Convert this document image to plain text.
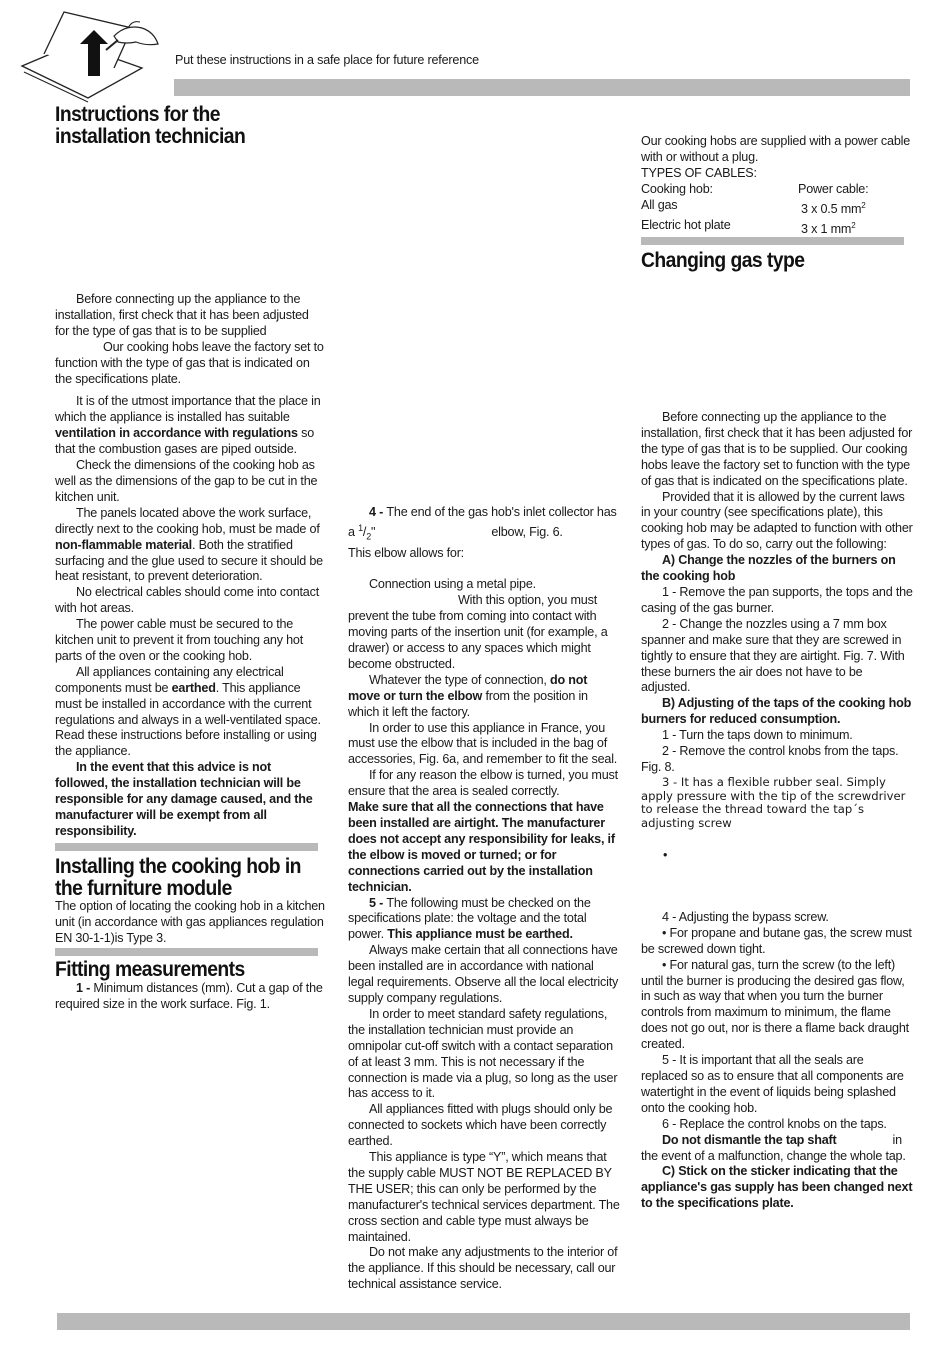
Put these instructions in a safe place for future reference
Instructions for the installation technician

Before connecting up the appliance to the installation, first check that it has been adjusted for the type of gas that is to be supplied

Our cooking hobs leave the factory set to function with the type of gas that is indicated on the specifications plate.

It is of the utmost importance that the place in which the appliance is installed has suitable ventilation in accordance with regulations so that the combustion gases are piped outside.

Check the dimensions of the cooking hob as well as the dimensions of the gap to be cut in the kitchen unit.

The panels located above the work surface, directly next to the cooking hob, must be made of non-flammable material. Both the stratified surfacing and the glue used to secure it should be heat resistant, to prevent deterioration.

No electrical cables should come into contact with hot areas.

The power cable must be secured to the kitchen unit to prevent it from touching any hot parts of the oven or the cooking hob.

All appliances containing any electrical components must be earthed. This appliance must be installed in accordance with the current regulations and always in a well-ventilated space. Read these instructions before installing or using the appliance.

In the event that this advice is not followed, the installation technician will be responsible for any damage caused, and the manufacturer will be exempt from all responsibility.

Installing the cooking hob in the furniture module
The option of locating the cooking hob in a kitchen unit (in accordance with gas appliances regulation EN 30-1-1)is Type 3.
Fitting measurements

1 - Minimum distances (mm). Cut a gap of the required size in the work surface. Fig. 1.

4 - The end of the gas hob's inlet collector has a $^1/_2$"	elbow, Fig. 6.

This elbow allows for:

Connection using a metal pipe.

With this option, you must prevent the tube from coming into contact with moving parts of the insertion unit (for example, a drawer) or access to any spaces which might become obstructed.

Whatever the type of connection, do not move or turn the elbow from the position in which it left the factory.

In order to use this appliance in France, you must use the elbow that is included in the bag of accessories, Fig. 6a, and remember to fit the seal.

If for any reason the elbow is turned, you must ensure that the area is sealed correctly.

Make sure that all the connections that have been installed are airtight. The manufacturer does not accept any responsibility for leaks, if the elbow is moved or turned; or for connections carried out by the installation technician.

5 - The following must be checked on the specifications plate: the voltage and the total power. This appliance must be earthed.

Always make certain that all connections have been installed are in accordance with national legal requirements. Observe all the local electricity supply company regulations.

In order to meet standard safety regulations, the installation technician must provide an omnipolar cut-off switch with a contact separation of at least 3 mm. This is not necessary if the connection is made via a plug, so long as the user has access to it.

All appliances fitted with plugs should only be connected to sockets which have been correctly earthed.

This appliance is type “Y”, which means that the supply cable MUST NOT BE REPLACED BY THE USER; this can only be performed by the manufacturer's technical services department. The cross section and cable type must always be maintained.

Do not make any adjustments to the interior of the appliance. If this should be necessary, call our technical assistance service.

Our cooking hobs are supplied with a power cable with or without a plug.

TYPES OF CABLES:

Cooking hob:	Power cable:
All gas	3 x 0.5 $mm^2$
Electric hot plate	3 x 1 $mm^2$
Changing gas type

Before connecting up the appliance to the installation, first check that it has been adjusted for the type of gas that is to be supplied. Our cooking hobs leave the factory set to function with the type of gas that is indicated on the specifications plate.

Provided that it is allowed by the current laws in your country (see specifications plate), this cooking hob may be adapted to function with other types of gas. To do so, carry out the following:

A) Change the nozzles of the burners on the cooking hob

1 - Remove the pan supports, the tops and the casing of the gas burner.

2 - Change the nozzles using a 7 mm box spanner and make sure that they are screwed in tightly to ensure that they are airtight. Fig. 7. With these burners the air does not have to be adjusted.

B) Adjusting of the taps of the cooking hob burners for reduced consumption.

1 - Turn the taps down to minimum.

2 - Remove the control knobs from the taps. Fig. 8.

3 - It has a flexible rubber seal. Simply apply pressure with the tip of the screwdriver to release the thread toward the tap´s adjusting screw

•

4 - Adjusting the bypass screw.

• For propane and butane gas, the screw must be screwed down tight.

• For natural gas, turn the screw (to the left) until the burner is producing the desired gas flow, in such as way that when you turn the burner controls from maximum to minimum, the flame does not go out, nor is there a flame back draught created.

5 - It is important that all the seals are replaced so as to ensure that all components are watertight in the event of liquids being splashed onto the cooking hob.

6 - Replace the control knobs on the taps.

Do not dismantle the tap shaft	in the event of a malfunction, change the whole tap.

C) Stick on the sticker indicating that the appliance's gas supply has been changed next to the specifications plate.
